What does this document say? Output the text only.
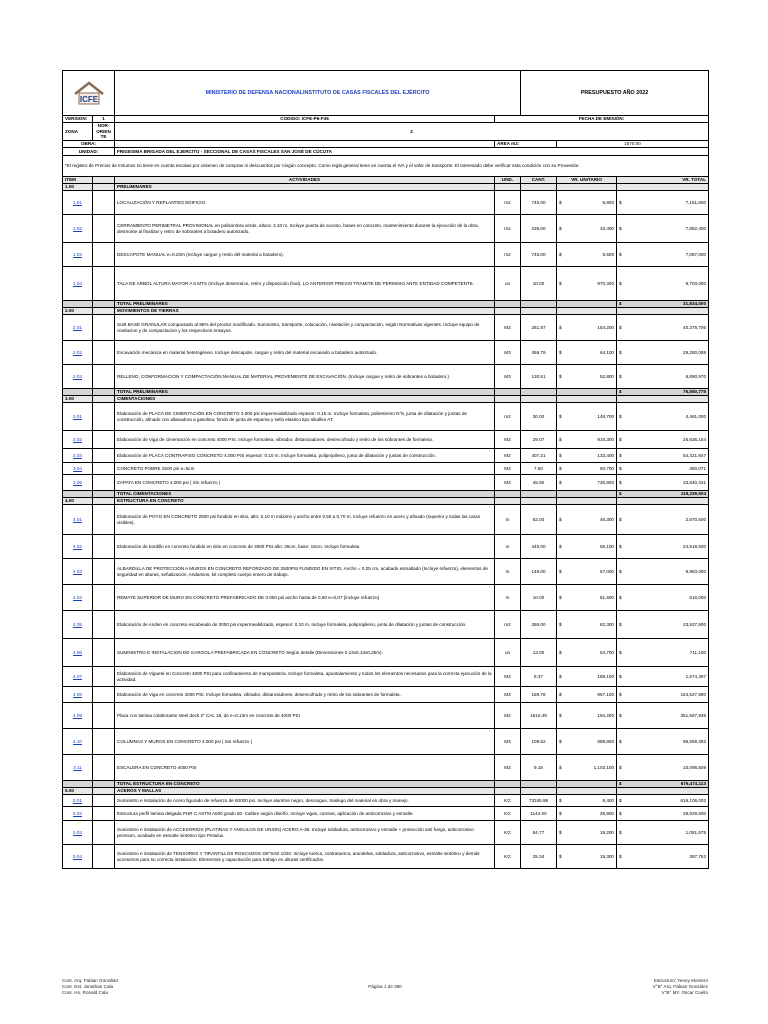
ICFE		MINISTERIO DE DEFENSA NACIONALINSTITUTO DE CASAS FISCALES DEL EJÉRCITO		PRESUPUESTO AÑO 2022		
VERSION:	1	CODIGO: ICFE-P6-F36	FECHA DE EMISIÓN:			
ZONA	NOR-ORIEN TE	2				
OBRA:			ÁREA m2:		1570.00	
UNIDAD:		FRIGESIMA BRIGADA DEL EJERCITO - SECCIONAL DE CASAS FISCALES SAN JOSÉ DE CÚCUTA				
*El registro de Precios de Insumos no tiene en cuenta escalas por volumen de compras ni descuentos por ningún concepto. Como regla general tiene en cuenta el IVA y el valor de transporte. El Interesado debe verificar esta condición con su Proveedor.						
ITEM		ACTIVIDADES	UND.	CANT.	VR. UNITARIO	VR. TOTAL
1.00		PRELIMINARES				
1.01		LOCALIZACIÓN Y REPLANTEO EDIFICIO	m2	746.00	$ 9,800	$ 7,161,600

1.02		CERRAMIENTO PERIMETRAL PROVISIONAL en polisombra verde, altura: 2,10 m. Incluye puerta de acceso, bases en concreto, mantenimiento durante la ejecución de la obra, desmonte al finalizar y retiro de sobrantes a botadero autorizado.	m2	236.00	$ 33,400	$ 7,882,400

1.03		DESCAPOTE MANUAL e=0.20m (Incluye cargue y retiro del material a botadero).	m2	746.00	$ 9,500	$ 7,087,000

1.04		TALA DE ARBOL ALTURA MAYOR A 6 MTS (Incluye desenraíce, retiro y disposición final). LO ANTERIOR PREVIO TRAMITE DE PERMISIO ANTE ENTIDAD COMPETENTE.	un	10.00	$ 970,300	$ 9,703,000

		TOTAL PRELIMINARES				$ 31,834,000

2.00		MOVIMIENTOS DE TIERRAS				
2.01		SUB BASE GRANULAR compactado al 95% del proctor modificado. Suministro, transporte, colocación, nivelación y compactación, según Normativas vigentes. Incluye equipo de nivelacion y de compactacion y los respectivos ensayos.	M3	261.87	$ 154,200	$ 40,379,706

2.02		Excavación mecánica en material heterogéneo. Incluye descapote, cargue y retiro del material excavado a botadero autorizado.	M3	456.79	$ 64,100	$ 29,280,088

2.03		RELLENO, CONFORMACIÓN Y COMPACTACIÓN MANUAL DE MATERIAL PROVENIENTE DE EXCAVACIÓN. (Incluye cargue y retiro de sobrantes a botadero.)	M3	130.51	$ 52,800	$ 6,890,970

		TOTAL PRELIMINARES				$ 76,550,775

3.00		CIMENTACIONES				
3.01		Elaboración de PLACA DE CIMENTACIÓN EN CONCRETO 3.000 psi Impermeabilizado espesor: 0.15 m. Incluye formaleta, poliestireno N°6, junta de dilatación y juntas de construcción, afinado con allanadora a gasolina, fondo de junta de espuma y sello elastico tipo sikaflex AT.	m2	30.00	$ 148,700	$ 4,461,000

3.02		Elaboración de Viga de cimentación en concreto 4000 PSI. Incluye formaleta, vibrador, distanciadores, desencofrado y retiro de los sobrantes de formaleta.	M3	29.07	$ 916,300	$ 26,636,154

3.03		Elaboración de PLACA CONTRAPISO CONCRETO 4.000 PSI espesor: 0.10 m. Incluye formaleta, polipropileno, junta de dilatación y juntas de construcción.	M2	407.21	$ 133,400	$ 54,321,847

3.04		CONCRETO POBRE 2500 psi e=5cm	M3	7.50	$ 50,700	$ 380,071

3.05		ZAPATA EN CONCRETO 4.000 psi ( Sin refuerzo )	M3	45.90	$ 730,800	$ 33,540,431

		TOTAL CIMENTACIONES				$ 119,339,504

4.00		ESTRUCTURA EN CONCRETO				
4.01		Elaboración de POYO EN CONCRETO 2500 psi fundido en sitio, alto: 0,10 m máximo y ancho entre 0,55 a 0,70 m. Incluye refuerzo en acero y afinado (superior y todas las caras visibles).	m	62.00	$ 46,300	$ 2,870,600

4.02		Elaboración de bordillo en concreto fundido en sitio en concreto de 3000 PSI alto: 35cm, base: 15cm. Incluye formaleta	m	445.00	$ 55,100	$ 24,519,500

4.03		ALBARDILLA DE PROTECCION A MUROS EN CONCRETO REFORZADO DE 2500PSI FUNDIDO EN SITIO, Ancho = 0.25 cm, acabado esmaltado (Incluye refuerzo), elementos de seguridad en alturas, señalización, Andamios, kit completo cuerpo entero de trabajo.	m	149.00	$ 67,000	$ 9,983,000

4.04		REMATE SUPERIOR DE MURO EN CONCRETO PREFABRICADO DE 3.000 psi ancho hasta de 0,60 e=0,07 (incluye refuerzo)	m	10.00	$ 51,600	$ 516,000

4.05		Elaboración de Anden en concreto escobeado de 3000 psi impermeabilizado, espesor: 0.10 m. Incluye formaleta, polipropileno, junta de dilatación y juntas de construcción.	m2	286.00	$ 82,300	$ 23,537,800

4.06		SUMINISTRO E INSTALACION DE GARGOLA PREFABRICADA EN CONCRETO Según detalle (Dimensiones 0,13x0,13x0,25m).	un	13.00	$ 54,700	$ 711,100

4.07		Elaboración de Viguetá en Concreto 4000 PSI para confinamiento de mampostería. Incluye formaleta, apuntalamiento y todos los elementos necesarios para la correcta ejecución de la actividad.	M3	8.37	$ 188,100	$ 1,574,397

4.08		Elaboración de Viga en concreto 4000 PSI. Incluye formaleta, vibrador, distanciadores, desencofrado y retiro de los sobrantes de formaleta.	M3	159.78	$ 967,100	$ 154,527,880

4.09		Placa con lamina colaborante steel deck 2" CAL 18, de e=0.13m en concreto de 4000 PSI	M2	1810.49	$ 194,200	$ 351,597,935

4.10		COLUMNAS Y MUROS EN CONCRETO 4.000 psi ( Sin refuerzo )	M3	108.52	$ 889,800	$ 96,559,392

4.11		ESCALERA EN CONCRETO 4000 PSI	M3	9.15	$ 1,103,100	$ 10,096,509

		TOTAL ESTRUCTURA EN CONCRETO				$ 676,474,113

5.00		ACEROS Y MALLAS				
5.01		Suministro e instalación de Acero figurado de refuerzo de 60000 psi. Incluye alambre negro, descargue, traslego del material en obra y manejo.	KG	73345.98	$ 8,400	$ 616,106,003

5.02		Estructura perfil lamina delgada PHR C ASTM A500 grado 50. Calibre según diseño. Incluye vigas, correas, aplicación de anticorrosivo y esmalte.	KG	1144.00	$ 25,900	$ 29,629,600

5.03		Suministro e instalación de ACCESORIOS (PLATINAS Y ANGULOS DE UNION) ACERO A-36. Incluye soldadura, anticorrosivo y esmalte + protección anti fuego, anticorrosivo premium, acabado en esmalte sintetico tipo Pintulux.	KG	54.77	$ 19,200	$ 1,051,675

5.04		Suministro e instalación de TENSORES Y TIRANTILLOS ROSCADOS 3/8"SAE 1020. Incluye tuerca, contratuerca, arandelas, soldadura, anticorrosivo, esmalte sintetico y demás accesorios para su correcta instalación. Elementos y capacitación para trabajo en alturas certificados.	KG	25.34	$ 15,300	$ 387,763
Cont. Arq. Fabian González
Cont. Est. Jonathan Cala
Cont. Hn. Ronald Cala
Página 1 de 390
Estructuro: Yenny Montero
V°B° Arq. Fabian González
V°B° MY. Oscar Cuello
